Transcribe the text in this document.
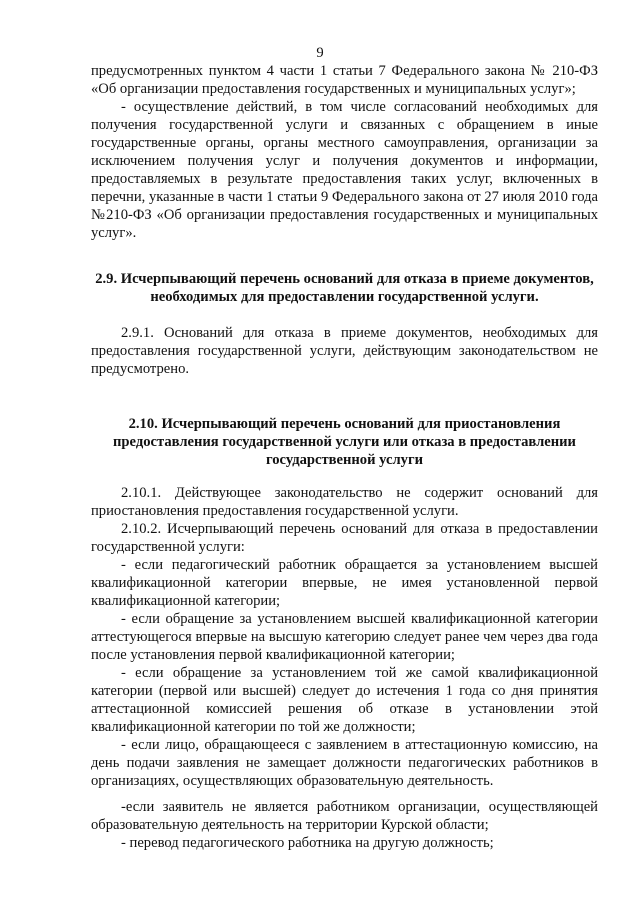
9

предусмотренных пунктом 4 части 1 статьи 7 Федерального закона № 210-ФЗ «Об организации предоставления государственных и муниципальных услуг»;

- осуществление действий, в том числе согласований необходимых для получения государственной услуги и связанных с обращением в иные государственные органы, органы местного самоуправления, организации за исключением получения услуг и получения документов и информации, предоставляемых в результате предоставления таких услуг, включенных в перечни, указанные в части 1 статьи 9 Федерального закона от 27 июля 2010 года №210-ФЗ «Об организации предоставления государственных и муниципальных услуг».

2.9. Исчерпывающий перечень оснований для отказа в приеме документов, необходимых для предоставлении государственной услуги.

2.9.1. Оснований для отказа в приеме документов, необходимых для предоставления государственной услуги, действующим законодательством не предусмотрено.

2.10. Исчерпывающий перечень оснований для приостановления предоставления государственной услуги или отказа в предоставлении государственной услуги

2.10.1. Действующее законодательство не содержит оснований для приостановления предоставления государственной услуги.

2.10.2. Исчерпывающий перечень оснований для отказа в предоставлении государственной услуги:

- если педагогический работник обращается за установлением высшей квалификационной категории впервые, не имея установленной первой квалификационной категории;

- если обращение за установлением высшей квалификационной категории аттестующегося впервые на высшую категорию следует ранее чем через два года после установления первой квалификационной категории;

- если обращение за установлением той же самой квалификационной категории (первой или высшей) следует до истечения 1 года со дня принятия аттестационной комиссией решения об отказе в установлении этой квалификационной категории по той же должности;

- если лицо, обращающееся с заявлением в аттестационную комиссию, на день подачи заявления не замещает должности педагогических работников в организациях, осуществляющих образовательную деятельность.

-если заявитель не является работником организации, осуществляющей образовательную деятельность на территории Курской области;

- перевод педагогического работника на другую должность;
